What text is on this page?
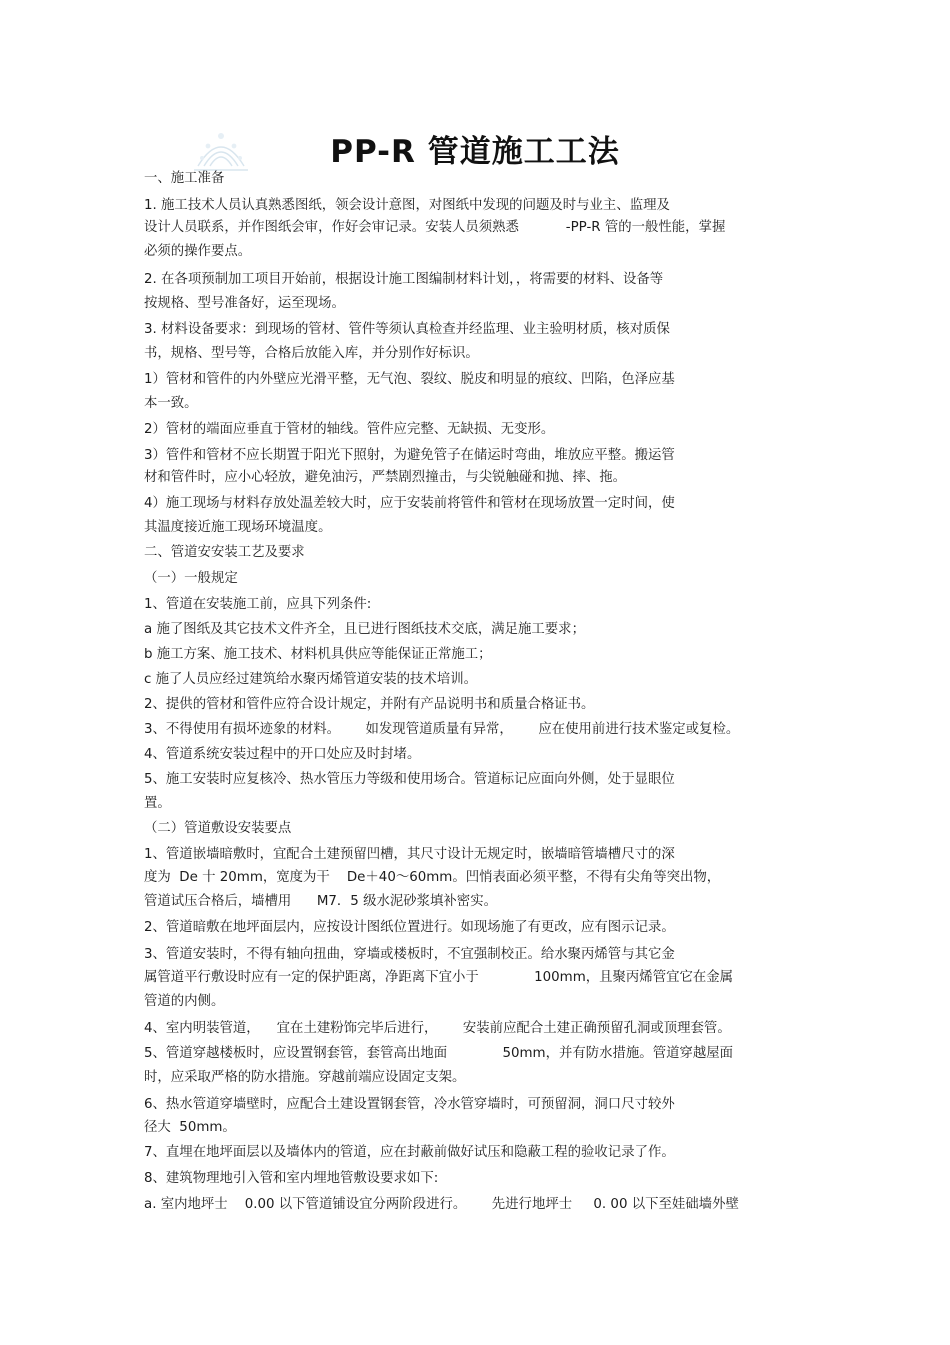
PP-R 管道施工工法
一、施工准备
1. 施工技术人员认真熟悉图纸，领会设计意图，对图纸中发现的问题及时与业主、监理及
设计人员联系，并作图纸会审，作好会审记录。安装人员须熟悉           -PP-R 管的一般性能，掌握
必须的操作要点。
2. 在各项预制加工项目开始前，根据设计施工图编制材料计划，，将需要的材料、设备等
按规格、型号准备好，运至现场。
3. 材料设备要求：到现场的管材、管件等须认真检查并经监理、业主验明材质，核对质保
书，规格、型号等，合格后放能入库，并分别作好标识。
1）管材和管件的内外壁应光滑平整，无气泡、裂纹、脱皮和明显的痕纹、凹陷，色泽应基
本一致。
2）管材的端面应垂直于管材的轴线。管件应完整、无缺损、无变形。
3）管件和管材不应长期置于阳光下照射，为避免管子在储运时弯曲，堆放应平整。搬运管
材和管件时，应小心轻放，避免油污，严禁剧烈撞击，与尖锐触碰和抛、摔、拖。
4）施工现场与材料存放处温差较大时，应于安装前将管件和管材在现场放置一定时间，使
其温度接近施工现场环境温度。
二、管道安安装工艺及要求
（一）一般规定
1、管道在安装施工前，应具下列条件:
a 施了图纸及其它技术文件齐全，且已进行图纸技术交底，满足施工要求；
b 施工方案、施工技术、材料机具供应等能保证正常施工；
c 施了人员应经过建筑给水聚丙烯管道安装的技术培训。
2、提供的管材和管件应符合设计规定，并附有产品说明书和质量合格证书。
3、不得使用有损坏迹象的材料。      如发现管道质量有异常，      应在使用前进行技术鉴定或复检。
4、管道系统安装过程中的开口处应及时封堵。
5、施工安装时应复核冷、热水管压力等级和使用场合。管道标记应面向外侧，处于显眼位
置。
（二）管道敷设安装要点
1、管道嵌墙暗敷时，宜配合土建预留凹槽，其尺寸设计无规定时，嵌墙暗管墙槽尺寸的深
度为  De 十 20mm，宽度为干    De＋40～60mm。凹悄表面必须平整，不得有尖角等突出物，
管道试压合格后，墙槽用      M7．5 级水泥砂浆填补密实。
2、管道暗敷在地坪面层内，应按设计图纸位置进行。如现场施了有更改，应有图示记录。
3、管道安装时，不得有轴向扭曲，穿墙或楼板时，不宜强制校正。给水聚丙烯管与其它金
属管道平行敷设时应有一定的保护距离，净距离下宜小于             100mm，且聚丙烯管宜它在金属
管道的内侧。
4、室内明装管道，    宜在土建粉饰完毕后进行，      安装前应配合土建正确预留孔洞或顶理套管。
5、管道穿越楼板时，应设置钢套管，套管高出地面             50mm，并有防水措施。管道穿越屋面
时，应采取严格的防水措施。穿越前端应设固定支架。
6、热水管道穿墙壁时，应配合土建设置钢套管，冷水管穿墙时，可预留洞，洞口尺寸较外
径大  50mm。
7、直埋在地坪面层以及墙体内的管道，应在封蔽前做好试压和隐蔽工程的验收记录了作。
8、建筑物理地引入管和室内埋地管敷设要求如下:
a. 室内地坪士    0.00 以下管道铺设宜分两阶段进行。      先进行地坪士     0. 00 以下至娃础墙外壁
